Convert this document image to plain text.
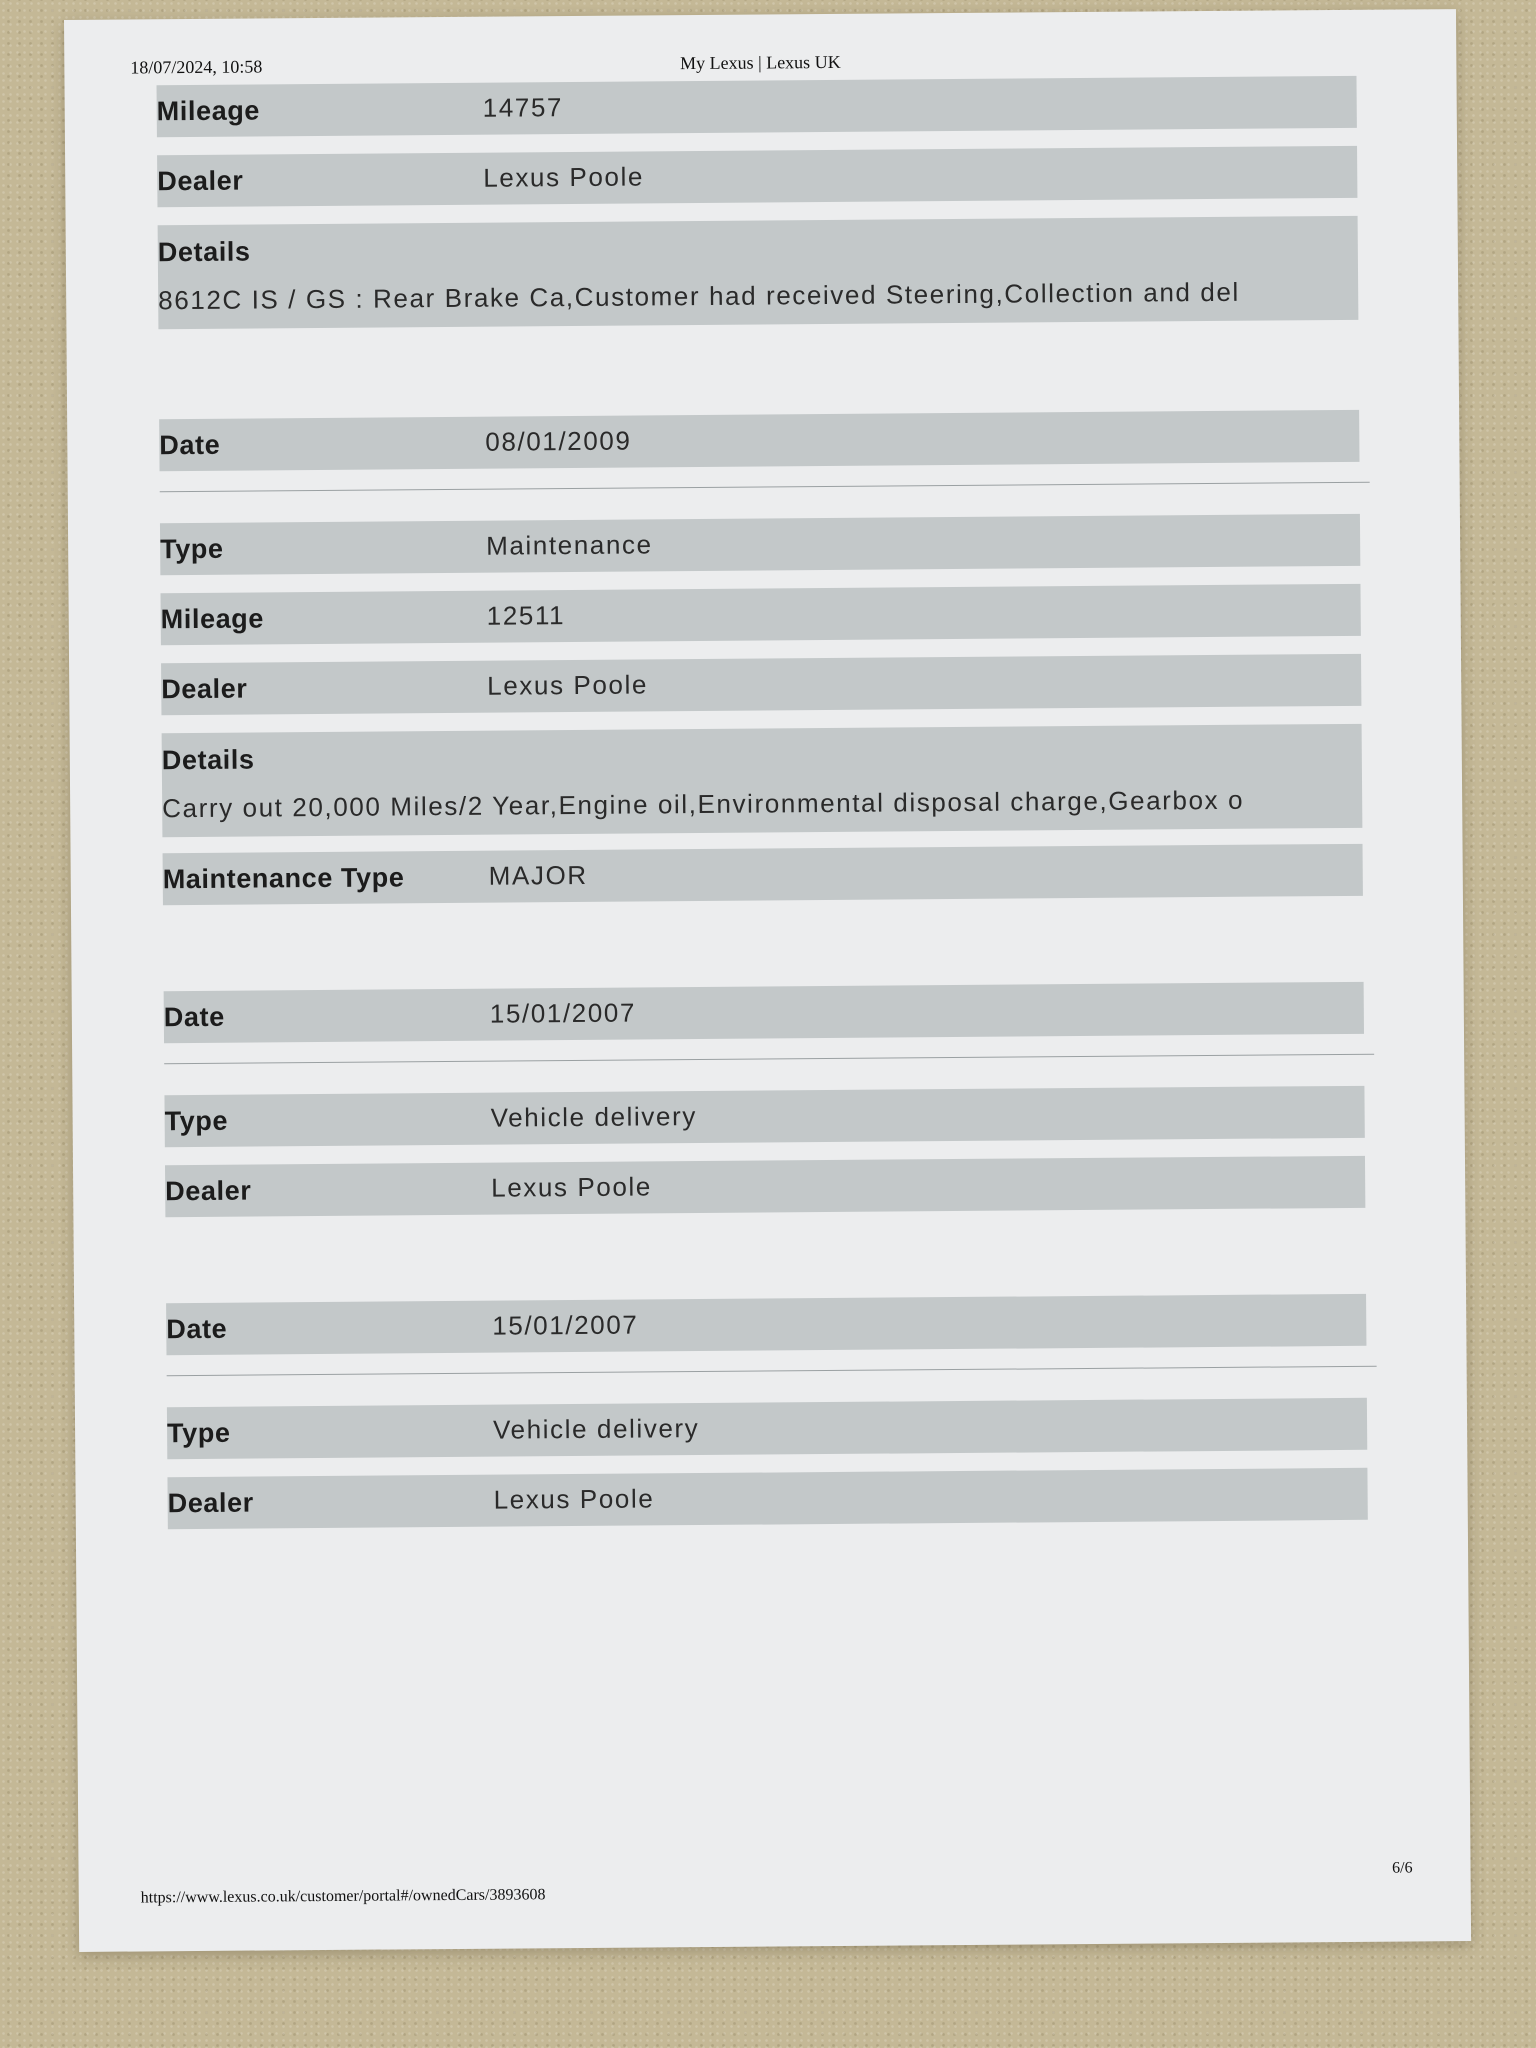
18/07/2024, 10:58	My Lexus | Lexus UK
Mileage	14757
Dealer	Lexus Poole
Details
8612C IS / GS : Rear Brake Ca,Customer had received Steering,Collection and del
Date	08/01/2009
Type	Maintenance
Mileage	12511
Dealer	Lexus Poole
Details
Carry out 20,000 Miles/2 Year,Engine oil,Environmental disposal charge,Gearbox o
Maintenance Type	MAJOR
Date	15/01/2007
Type	Vehicle delivery
Dealer	Lexus Poole
Date	15/01/2007
Type	Vehicle delivery
Dealer	Lexus Poole
https://www.lexus.co.uk/customer/portal#/ownedCars/3893608
6/6
